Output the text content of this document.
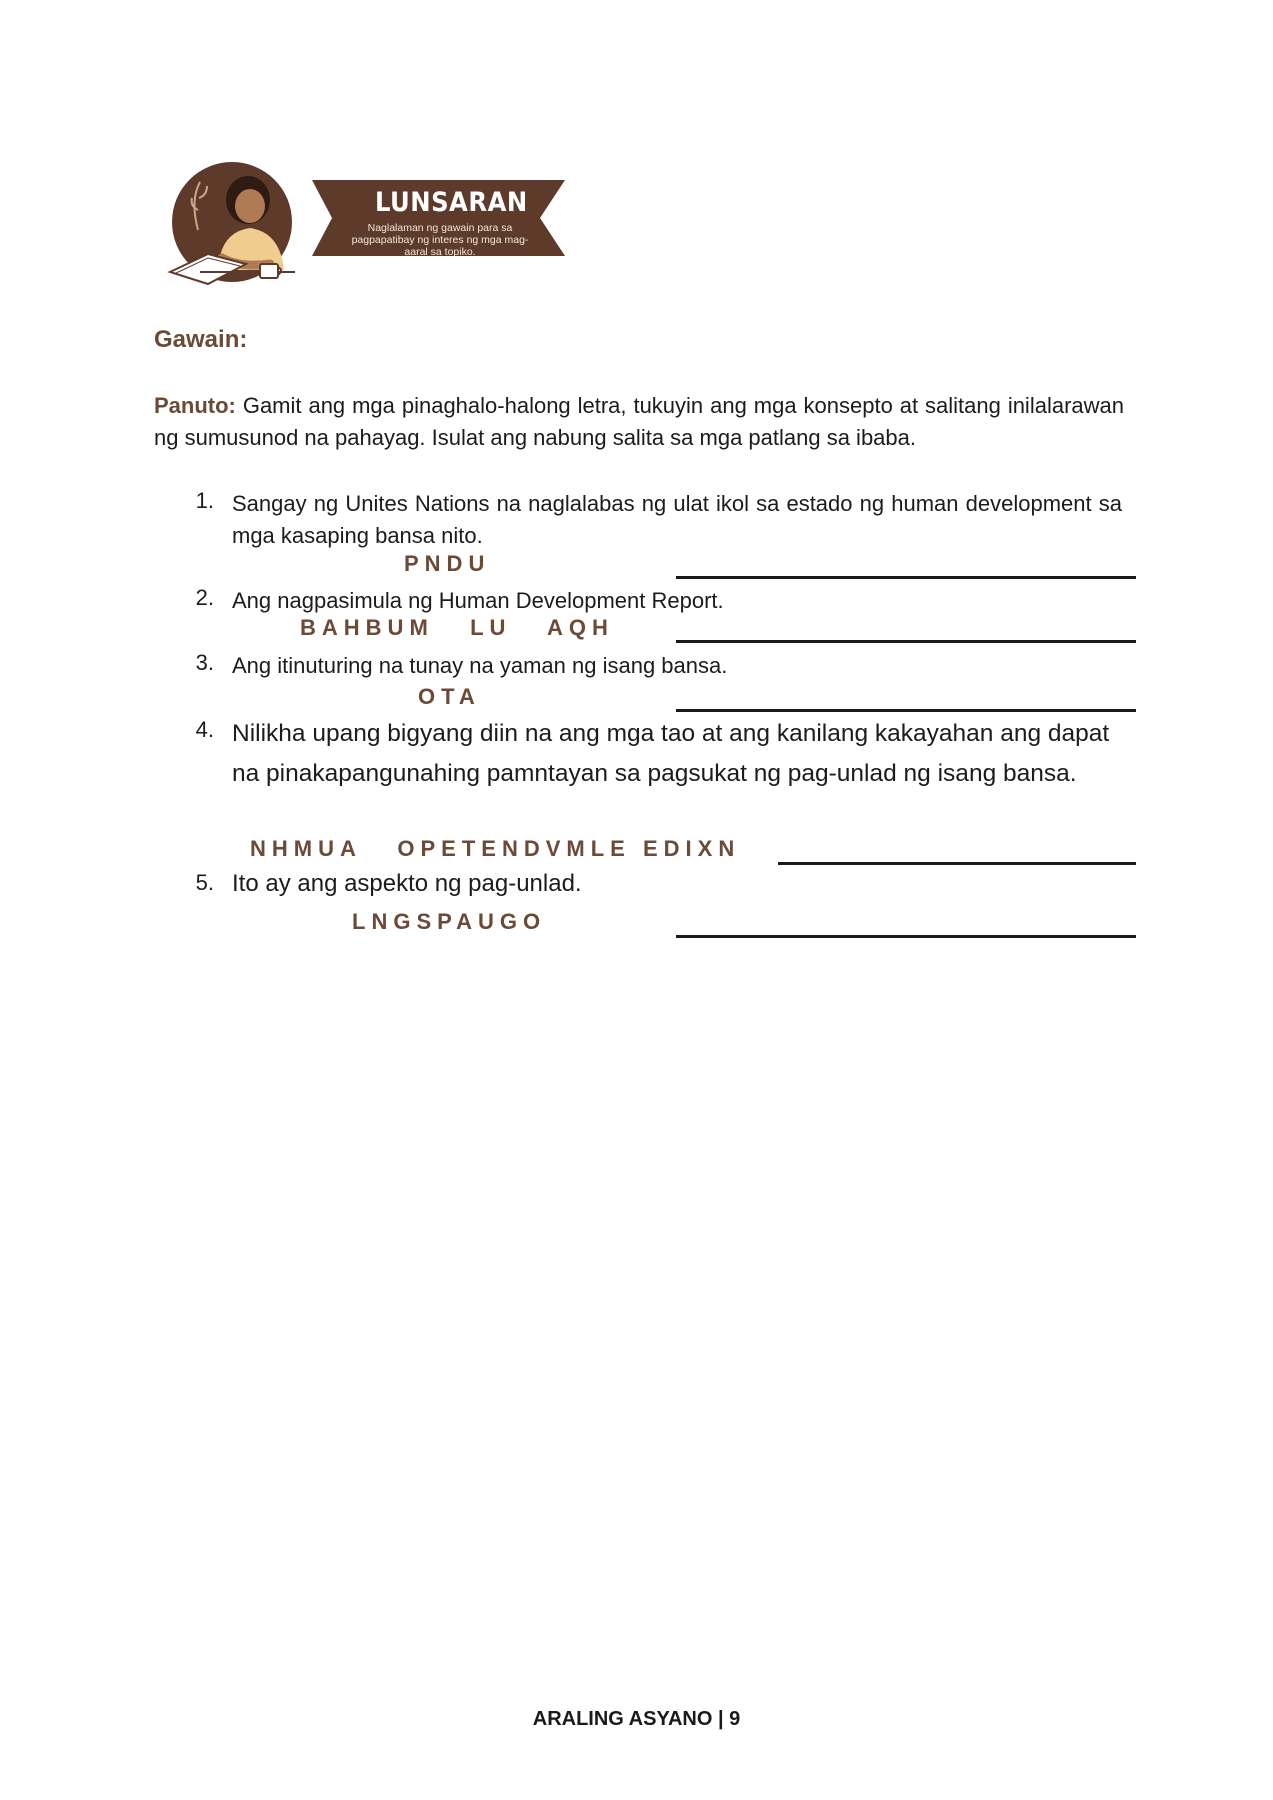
LUNSARAN
Naglalaman ng gawain para sa pagpapatibay ng interes ng mga mag-aaral sa topiko.
Gawain:
Panuto: Gamit ang mga pinaghalo-halong letra, tukuyin ang mga konsepto at salitang inilalarawan ng sumusunod na pahayag. Isulat ang nabung salita sa mga patlang sa ibaba.
1. Sangay ng Unites Nations na naglalabas ng ulat ikol sa estado ng human development sa mga kasaping bansa nito.
PNDU
2. Ang nagpasimula ng Human Development Report.
BAHBUM   LU   AQH
3. Ang itinuturing na tunay na yaman ng isang bansa.
OTA
4. Nilikha upang bigyang diin na ang mga tao at ang kanilang kakayahan ang dapat na pinakapangunahing pamntayan sa pagsukat ng pag-unlad ng isang bansa.
NHMUA   OPETENDVMLE EDIXN
5. Ito ay ang aspekto ng pag-unlad.
LNGSPAUGO
ARALING ASYANO | 9
